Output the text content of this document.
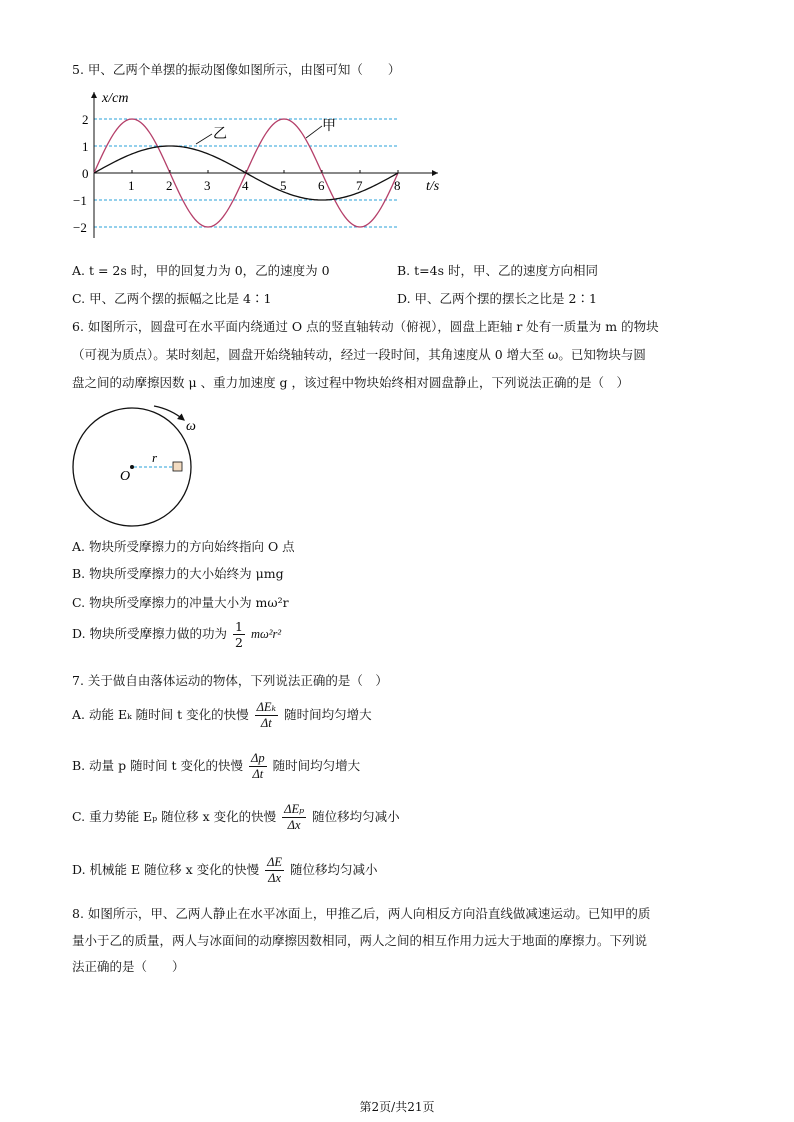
5. 甲、乙两个单摆的振动图像如图所示，由图可知（　　）
x/cm
t/s
0
1 2 3 4 5 6 7 8
2
1
−1
−2
甲
乙
A. t = 2s 时，甲的回复力为 0，乙的速度为 0	B. t=4s 时，甲、乙的速度方向相同
C. 甲、乙两个摆的振幅之比是 4∶1	D. 甲、乙两个摆的摆长之比是 2∶1
6. 如图所示，圆盘可在水平面内绕通过 O 点的竖直轴转动（俯视），圆盘上距轴 r 处有一质量为 m 的物块
（可视为质点）。某时刻起，圆盘开始绕轴转动，经过一段时间，其角速度从 0 增大至 ω。已知物块与圆
盘之间的动摩擦因数 μ 、重力加速度 g ，该过程中物块始终相对圆盘静止，下列说法正确的是（　）
ω
O
r
A. 物块所受摩擦力的方向始终指向 O 点
B. 物块所受摩擦力的大小始终为 μmg
C. 物块所受摩擦力的冲量大小为 mω²r
D. 物块所受摩擦力做的功为 $\frac{1}{2} m\omega^2r^2$
7. 关于做自由落体运动的物体，下列说法正确的是（　）
A. 动能 Eₖ 随时间 t 变化的快慢 $\frac{\text{ΔEₖ}}{\Delta t}$ 随时间均匀增大
B. 动量 p 随时间 t 变化的快慢 $\frac{\Delta p}{\Delta t}$ 随时间均匀增大
C. 重力势能 Eₚ 随位移 x 变化的快慢 $\frac{\text{ΔEₚ}}{\Delta x}$ 随位移均匀减小
D. 机械能 E 随位移 x 变化的快慢 $\frac{\Delta E}{\Delta x}$ 随位移均匀减小
8. 如图所示，甲、乙两人静止在水平冰面上，甲推乙后，两人向相反方向沿直线做减速运动。已知甲的质
量小于乙的质量，两人与冰面间的动摩擦因数相同，两人之间的相互作用力远大于地面的摩擦力。下列说
法正确的是（　　）
第2页/共21页
